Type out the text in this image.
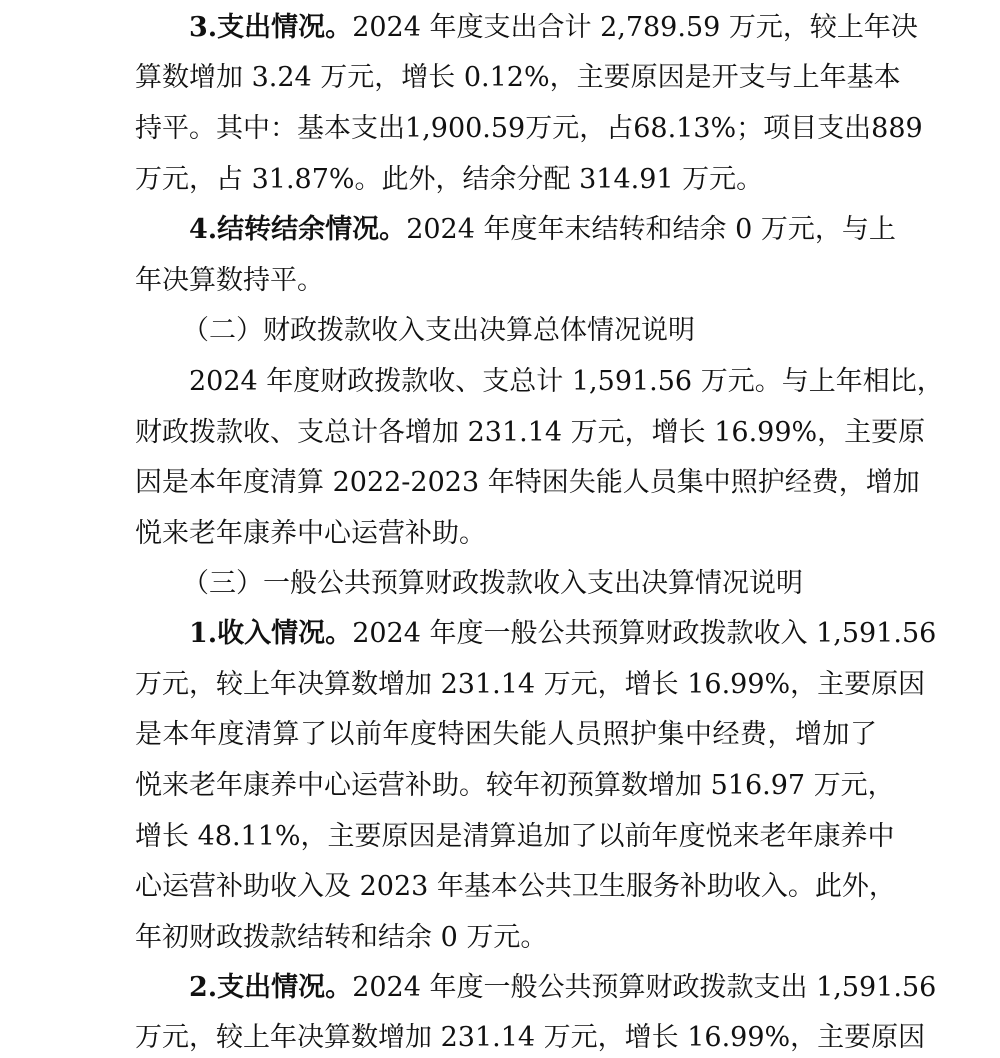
3.支出情况。2024 年度支出合计 2,789.59 万元，较上年决
算数增加 3.24 万元，增长 0.12%，主要原因是开支与上年基本
持平。其中：基本支出1,900.59万元，占68.13%；项目支出889
万元，占 31.87%。此外，结余分配 314.91 万元。
4.结转结余情况。2024 年度年末结转和结余 0 万元，与上
年决算数持平。
（二）财政拨款收入支出决算总体情况说明
2024 年度财政拨款收、支总计 1,591.56 万元。与上年相比，
财政拨款收、支总计各增加 231.14 万元，增长 16.99%，主要原
因是本年度清算 2022-2023 年特困失能人员集中照护经费，增加
悦来老年康养中心运营补助。
（三）一般公共预算财政拨款收入支出决算情况说明
1.收入情况。2024 年度一般公共预算财政拨款收入 1,591.56
万元，较上年决算数增加 231.14 万元，增长 16.99%，主要原因
是本年度清算了以前年度特困失能人员照护集中经费，增加了
悦来老年康养中心运营补助。较年初预算数增加 516.97 万元，
增长 48.11%，主要原因是清算追加了以前年度悦来老年康养中
心运营补助收入及 2023 年基本公共卫生服务补助收入。此外，
年初财政拨款结转和结余 0 万元。
2.支出情况。2024 年度一般公共预算财政拨款支出 1,591.56
万元，较上年决算数增加 231.14 万元，增长 16.99%，主要原因
